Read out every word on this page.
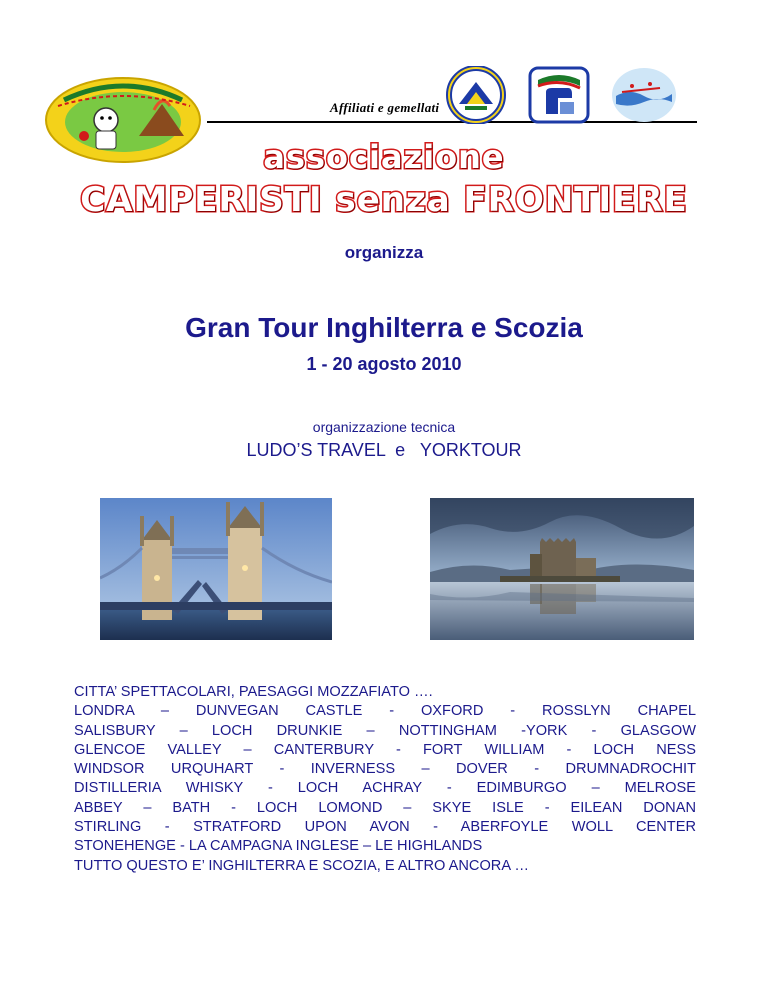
Affiliati e gemellati
associazione
CAMPERISTI senza FRONTIERE
organizza
Gran Tour Inghilterra e Scozia
1 - 20 agosto 2010
organizzazione tecnica
LUDO’S TRAVEL  e   YORKTOUR
CITTA’ SPETTACOLARI, PAESAGGI MOZZAFIATO ….
LONDRA – DUNVEGAN CASTLE - OXFORD - ROSSLYN CHAPEL
SALISBURY – LOCH DRUNKIE – NOTTINGHAM -YORK - GLASGOW
GLENCOE VALLEY – CANTERBURY - FORT WILLIAM - LOCH NESS
WINDSOR URQUHART - INVERNESS – DOVER - DRUMNADROCHIT
DISTILLERIA WHISKY - LOCH ACHRAY - EDIMBURGO – MELROSE
ABBEY – BATH - LOCH LOMOND – SKYE ISLE - EILEAN DONAN
STIRLING - STRATFORD UPON AVON - ABERFOYLE WOLL CENTER
STONEHENGE - LA CAMPAGNA INGLESE – LE HIGHLANDS
TUTTO QUESTO E’ INGHILTERRA E SCOZIA, E ALTRO ANCORA …
